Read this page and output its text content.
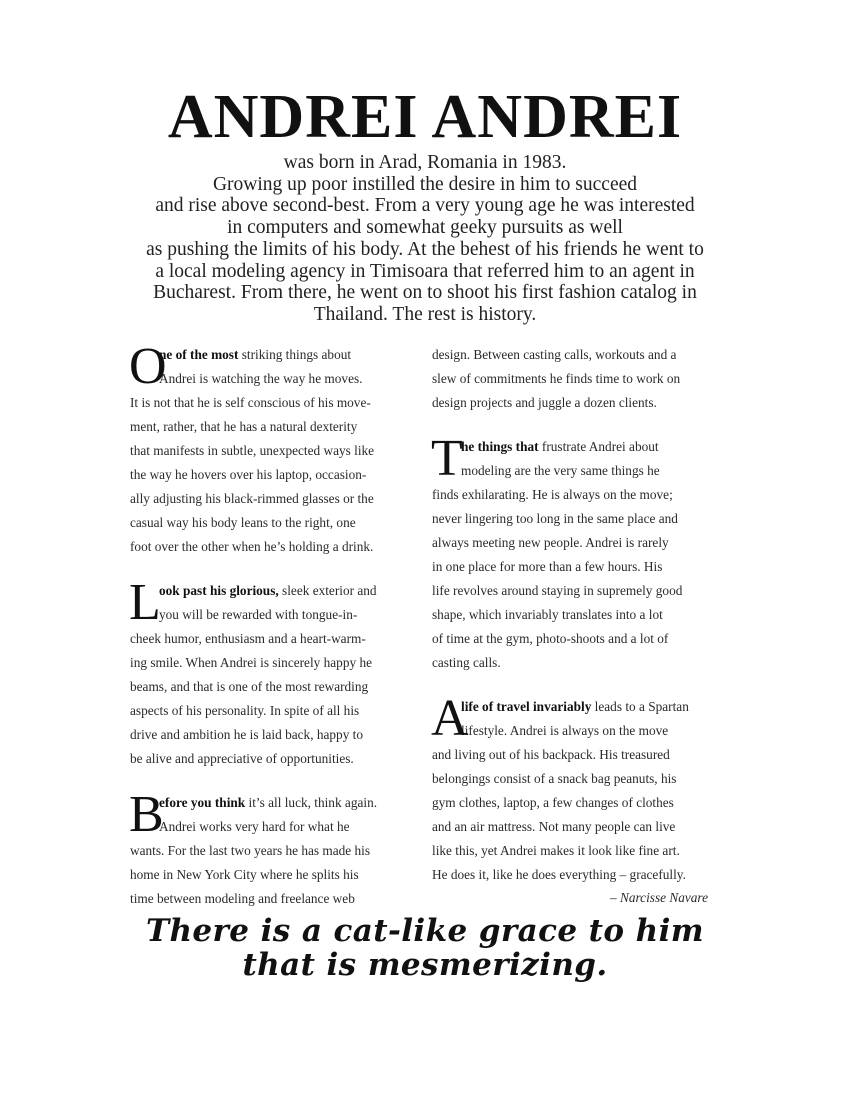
ANDREI ANDREI
was born in Arad, Romania in 1983.
Growing up poor instilled the desire in him to succeed
and rise above second-best. From a very young age he was interested
in computers and somewhat geeky pursuits as well
as pushing the limits of his body. At the behest of his friends he went to
a local modeling agency in Timisoara that referred him to an agent in
Bucharest. From there, he went on to shoot his first fashion catalog in
Thailand. The rest is history.
O
ne of the most striking things about
Andrei is watching the way he moves.
It is not that he is self conscious of his move-
ment, rather, that he has a natural dexterity
that manifests in subtle, unexpected ways like
the way he hovers over his laptop, occasion-
ally adjusting his black-rimmed glasses or the
casual way his body leans to the right, one
foot over the other when he’s holding a drink.
L
ook past his glorious, sleek exterior and
you will be rewarded with tongue-in-
cheek humor, enthusiasm and a heart-warm-
ing smile. When Andrei is sincerely happy he
beams, and that is one of the most rewarding
aspects of his personality. In spite of all his
drive and ambition he is laid back, happy to
be alive and appreciative of opportunities.
B
efore you think it’s all luck, think again.
Andrei works very hard for what he
wants. For the last two years he has made his
home in New York City where he splits his
time between modeling and freelance web
design. Between casting calls, workouts and a
slew of commitments he finds time to work on
design projects and juggle a dozen clients.
T
he things that frustrate Andrei about
modeling are the very same things he
finds exhilarating. He is always on the move;
never lingering too long in the same place and
always meeting new people. Andrei is rarely
in one place for more than a few hours. His
life revolves around staying in supremely good
shape, which invariably translates into a lot
of time at the gym, photo-shoots and a lot of
casting calls.
A
life of travel invariably leads to a Spartan
lifestyle. Andrei is always on the move
and living out of his backpack. His treasured
belongings consist of a snack bag peanuts, his
gym clothes, laptop, a few changes of clothes
and an air mattress. Not many people can live
like this, yet Andrei makes it look like fine art.
He does it, like he does everything – gracefully.
– Narcisse Navare
There is a cat-like grace to him
that is mesmerizing.
